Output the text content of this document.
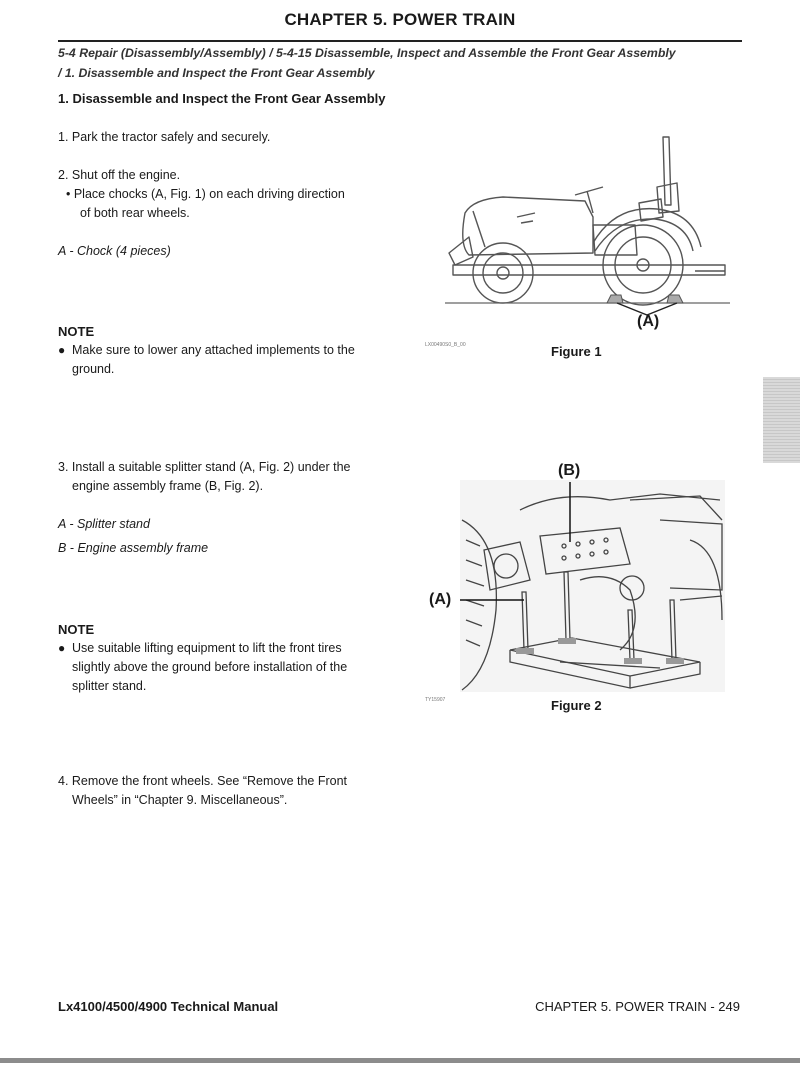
CHAPTER 5. POWER TRAIN
5-4 Repair (Disassembly/Assembly) / 5-4-15 Disassemble, Inspect and Assemble the Front Gear Assembly
/ 1. Disassemble and Inspect the Front Gear Assembly
1. Disassemble and Inspect the Front Gear Assembly
1. Park the tractor safely and securely.
2. Shut off the engine.
• Place chocks (A, Fig. 1) on each driving direction
of both rear wheels.
A - Chock (4 pieces)
NOTE
● Make sure to lower any attached implements to the
ground.
3. Install a suitable splitter stand (A, Fig. 2) under the
engine assembly frame (B, Fig. 2).
A - Splitter stand
B - Engine assembly frame
NOTE
● Use suitable lifting equipment to lift the front tires
slightly above the ground before installation of the
splitter stand.
4. Remove the front wheels. See “Remove the Front
Wheels” in “Chapter 9. Miscellaneous”.
(A)
LX00490S0_B_00	Figure 1
(B)
(A)
TY15907	Figure 2
Lx4100/4500/4900 Technical Manual	CHAPTER 5. POWER TRAIN - 249
